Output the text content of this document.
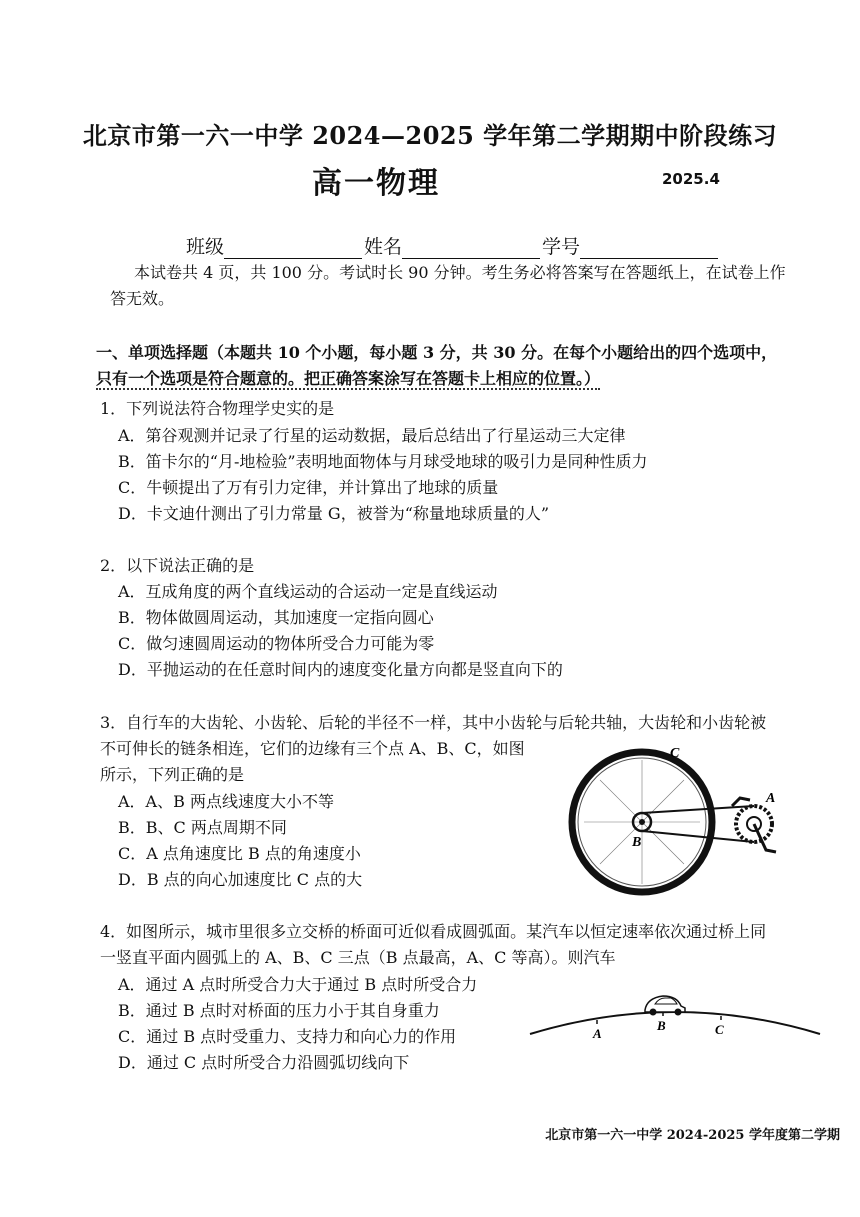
北京市第一六一中学 2024—2025 学年第二学期期中阶段练习
高一物理	2025.4
班级	姓名	学号
本试卷共 4 页，共 100 分。考试时长 90 分钟。考生务必将答案写在答题纸上，在试卷上作
答无效。
一、单项选择题（本题共 10 个小题，每小题 3 分，共 30 分。在每个小题给出的四个选项中，
只有一个选项是符合题意的。把正确答案涂写在答题卡上相应的位置。）
1．下列说法符合物理学史实的是
A．第谷观测并记录了行星的运动数据，最后总结出了行星运动三大定律
B．笛卡尔的“月-地检验”表明地面物体与月球受地球的吸引力是同种性质力
C．牛顿提出了万有引力定律，并计算出了地球的质量
D．卡文迪什测出了引力常量 G，被誉为“称量地球质量的人”
2．以下说法正确的是
A．互成角度的两个直线运动的合运动一定是直线运动
B．物体做圆周运动，其加速度一定指向圆心
C．做匀速圆周运动的物体所受合力可能为零
D．平抛运动的在任意时间内的速度变化量方向都是竖直向下的
3．自行车的大齿轮、小齿轮、后轮的半径不一样，其中小齿轮与后轮共轴，大齿轮和小齿轮被
不可伸长的链条相连，它们的边缘有三个点 A、B、C，如图
所示，下列正确的是
A．A、B 两点线速度大小不等
B．B、C 两点周期不同
C．A 点角速度比 B 点的角速度小
D．B 点的向心加速度比 C 点的大
C
A
B
4．如图所示，城市里很多立交桥的桥面可近似看成圆弧面。某汽车以恒定速率依次通过桥上同
一竖直平面内圆弧上的 A、B、C 三点（B 点最高，A、C 等高）。则汽车
A．通过 A 点时所受合力大于通过 B 点时所受合力
B．通过 B 点时对桥面的压力小于其自身重力
C．通过 B 点时受重力、支持力和向心力的作用
D．通过 C 点时所受合力沿圆弧切线向下
A
B	C
北京市第一六一中学 2024-2025 学年度第二学期
